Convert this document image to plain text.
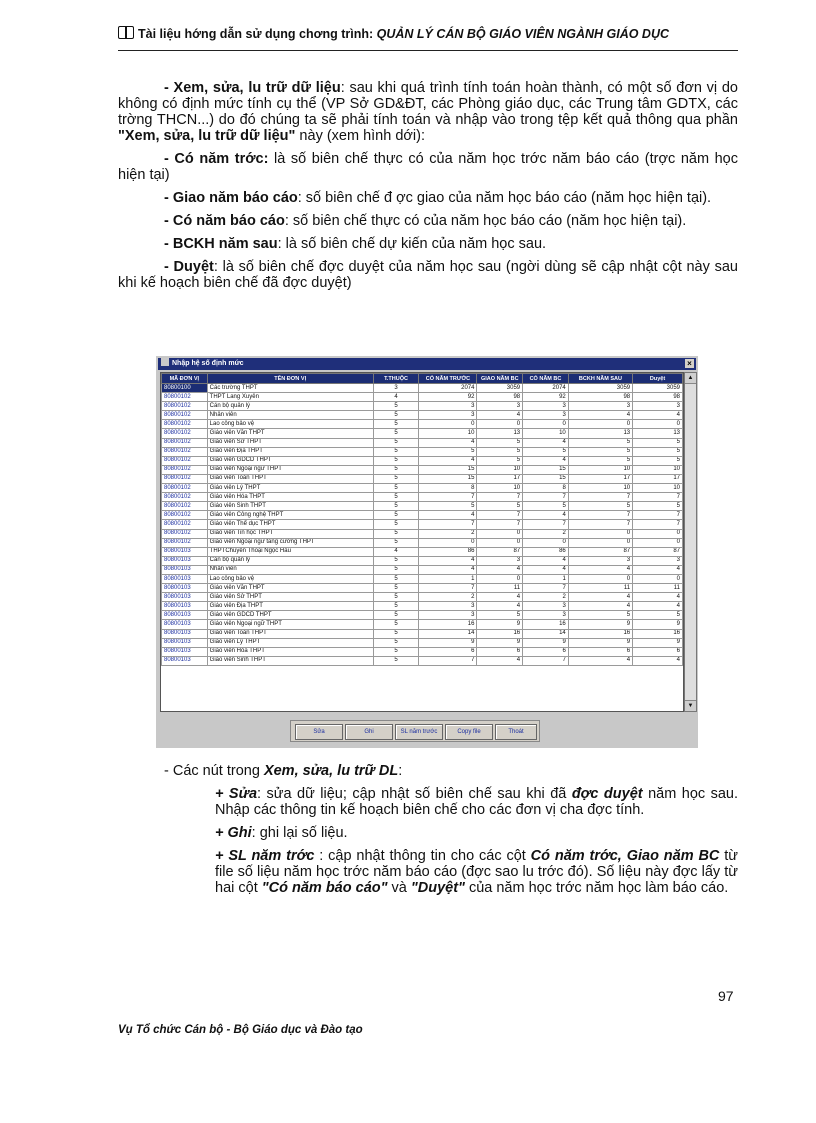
Tài liệu hớng dẫn sử dụng chơng trình: QUẢN LÝ CÁN BỘ GIÁO VIÊN NGÀNH GIÁO DỤC

- Xem, sửa, lu trữ dữ liệu: sau khi quá trình tính toán hoàn thành, có một số đơn vị do không có định mức tính cụ thể (VP Sở GD&ĐT, các Phòng giáo dục, các Trung tâm GDTX, các trờng THCN...) do đó chúng ta sẽ phải tính toán và nhập vào trong tệp kết quả thông qua phần "Xem, sửa, lu trữ dữ liệu" này (xem hình dới):

- Có năm trớc: là số biên chế thực có của năm học trớc năm báo cáo (trợc năm học hiện tại)

- Giao năm báo cáo: số biên chế đ ợc giao của năm học báo cáo (năm học hiện tại).

- Có năm báo cáo: số biên chế thực có của năm học báo cáo (năm học hiện tại).

- BCKH năm sau: là số biên chế dự kiến của năm học sau.

- Duyệt: là số biên chế đợc duyệt của năm học sau (ngời dùng sẽ cập nhật cột này sau khi kế hoạch biên chế đã đợc duyệt)

Nhập hệ số định mức	×
MÃ ĐƠN VỊ	TÊN ĐƠN VỊ	T.THUỘC	CÓ NĂM TRƯỚC	GIAO NĂM BC	CÓ NĂM BC	BCKH NĂM SAU	Duyệt
80800100	Các trường THPT	3	2074	3059	2074	3059	3059
80800102	THPT Lang Xuyên	4	92	98	92	98	98
80800102	Cán bộ quản lý	5	3	3	3	3	3
80800102	Nhân viên	5	3	4	3	4	4
80800102	Lao công bảo vệ	5	0	0	0	0	0
80800102	Giáo viên Văn THPT	5	10	13	10	13	13
80800102	Giáo viên Sử THPT	5	4	5	4	5	5
80800102	Giáo viên Địa THPT	5	5	5	5	5	5
80800102	Giáo viên GDCD THPT	5	4	5	4	5	5
80800102	Giáo viên Ngoại ngữ THPT	5	15	10	15	10	10
80800102	Giáo viên Toán THPT	5	15	17	15	17	17
80800102	Giáo viên Lý THPT	5	8	10	8	10	10
80800102	Giáo viên Hóa THPT	5	7	7	7	7	7
80800102	Giáo viên Sinh THPT	5	5	5	5	5	5
80800102	Giáo viên Công nghệ THPT	5	4	7	4	7	7
80800102	Giáo viên Thể dục THPT	5	7	7	7	7	7
80800102	Giáo viên Tin học THPT	5	2	0	2	0	0
80800102	Giáo viên Ngoại ngữ tăng cường THPT	5	0	0	0	0	0
80800103	THPTChuyên Thoại Ngọc Hầu	4	86	87	86	87	87
80800103	Cán bộ quản lý	5	4	3	4	3	3
80800103	Nhân viên	5	4	4	4	4	4
80800103	Lao công bảo vệ	5	1	0	1	0	0
80800103	Giáo viên Văn THPT	5	7	11	7	11	11
80800103	Giáo viên Sử THPT	5	2	4	2	4	4
80800103	Giáo viên Địa THPT	5	3	4	3	4	4
80800103	Giáo viên GDCD THPT	5	3	5	3	5	5
80800103	Giáo viên Ngoại ngữ THPT	5	16	9	16	9	9
80800103	Giáo viên Toán THPT	5	14	16	14	16	16
80800103	Giáo viên Lý THPT	5	9	9	9	9	9
80800103	Giáo viên Hóa THPT	5	6	6	6	6	6
80800103	Giáo viên Sinh THPT	5	7	4	7	4	4
▲
▼
Sửa	Ghi	SL năm trước	Copy file	Thoát

- Các nút trong Xem, sửa, lu trữ DL:

+ Sửa: sửa dữ liệu; cập nhật số biên chế sau khi đã đợc duyệt năm học sau. Nhập các thông tin kế hoạch biên chế cho các đơn vị cha đợc tính.

+ Ghi: ghi lại số liệu.

+ SL năm trớc : cập nhật thông tin cho các cột Có năm trớc, Giao năm BC từ file số liệu năm học trớc năm báo cáo (đợc sao lu trớc đó). Số liệu này đợc lấy từ hai cột "Có năm báo cáo" và "Duyệt" của năm học trớc năm học làm báo cáo.

97
Vụ Tổ chức Cán bộ - Bộ Giáo dục và Đào tạo
